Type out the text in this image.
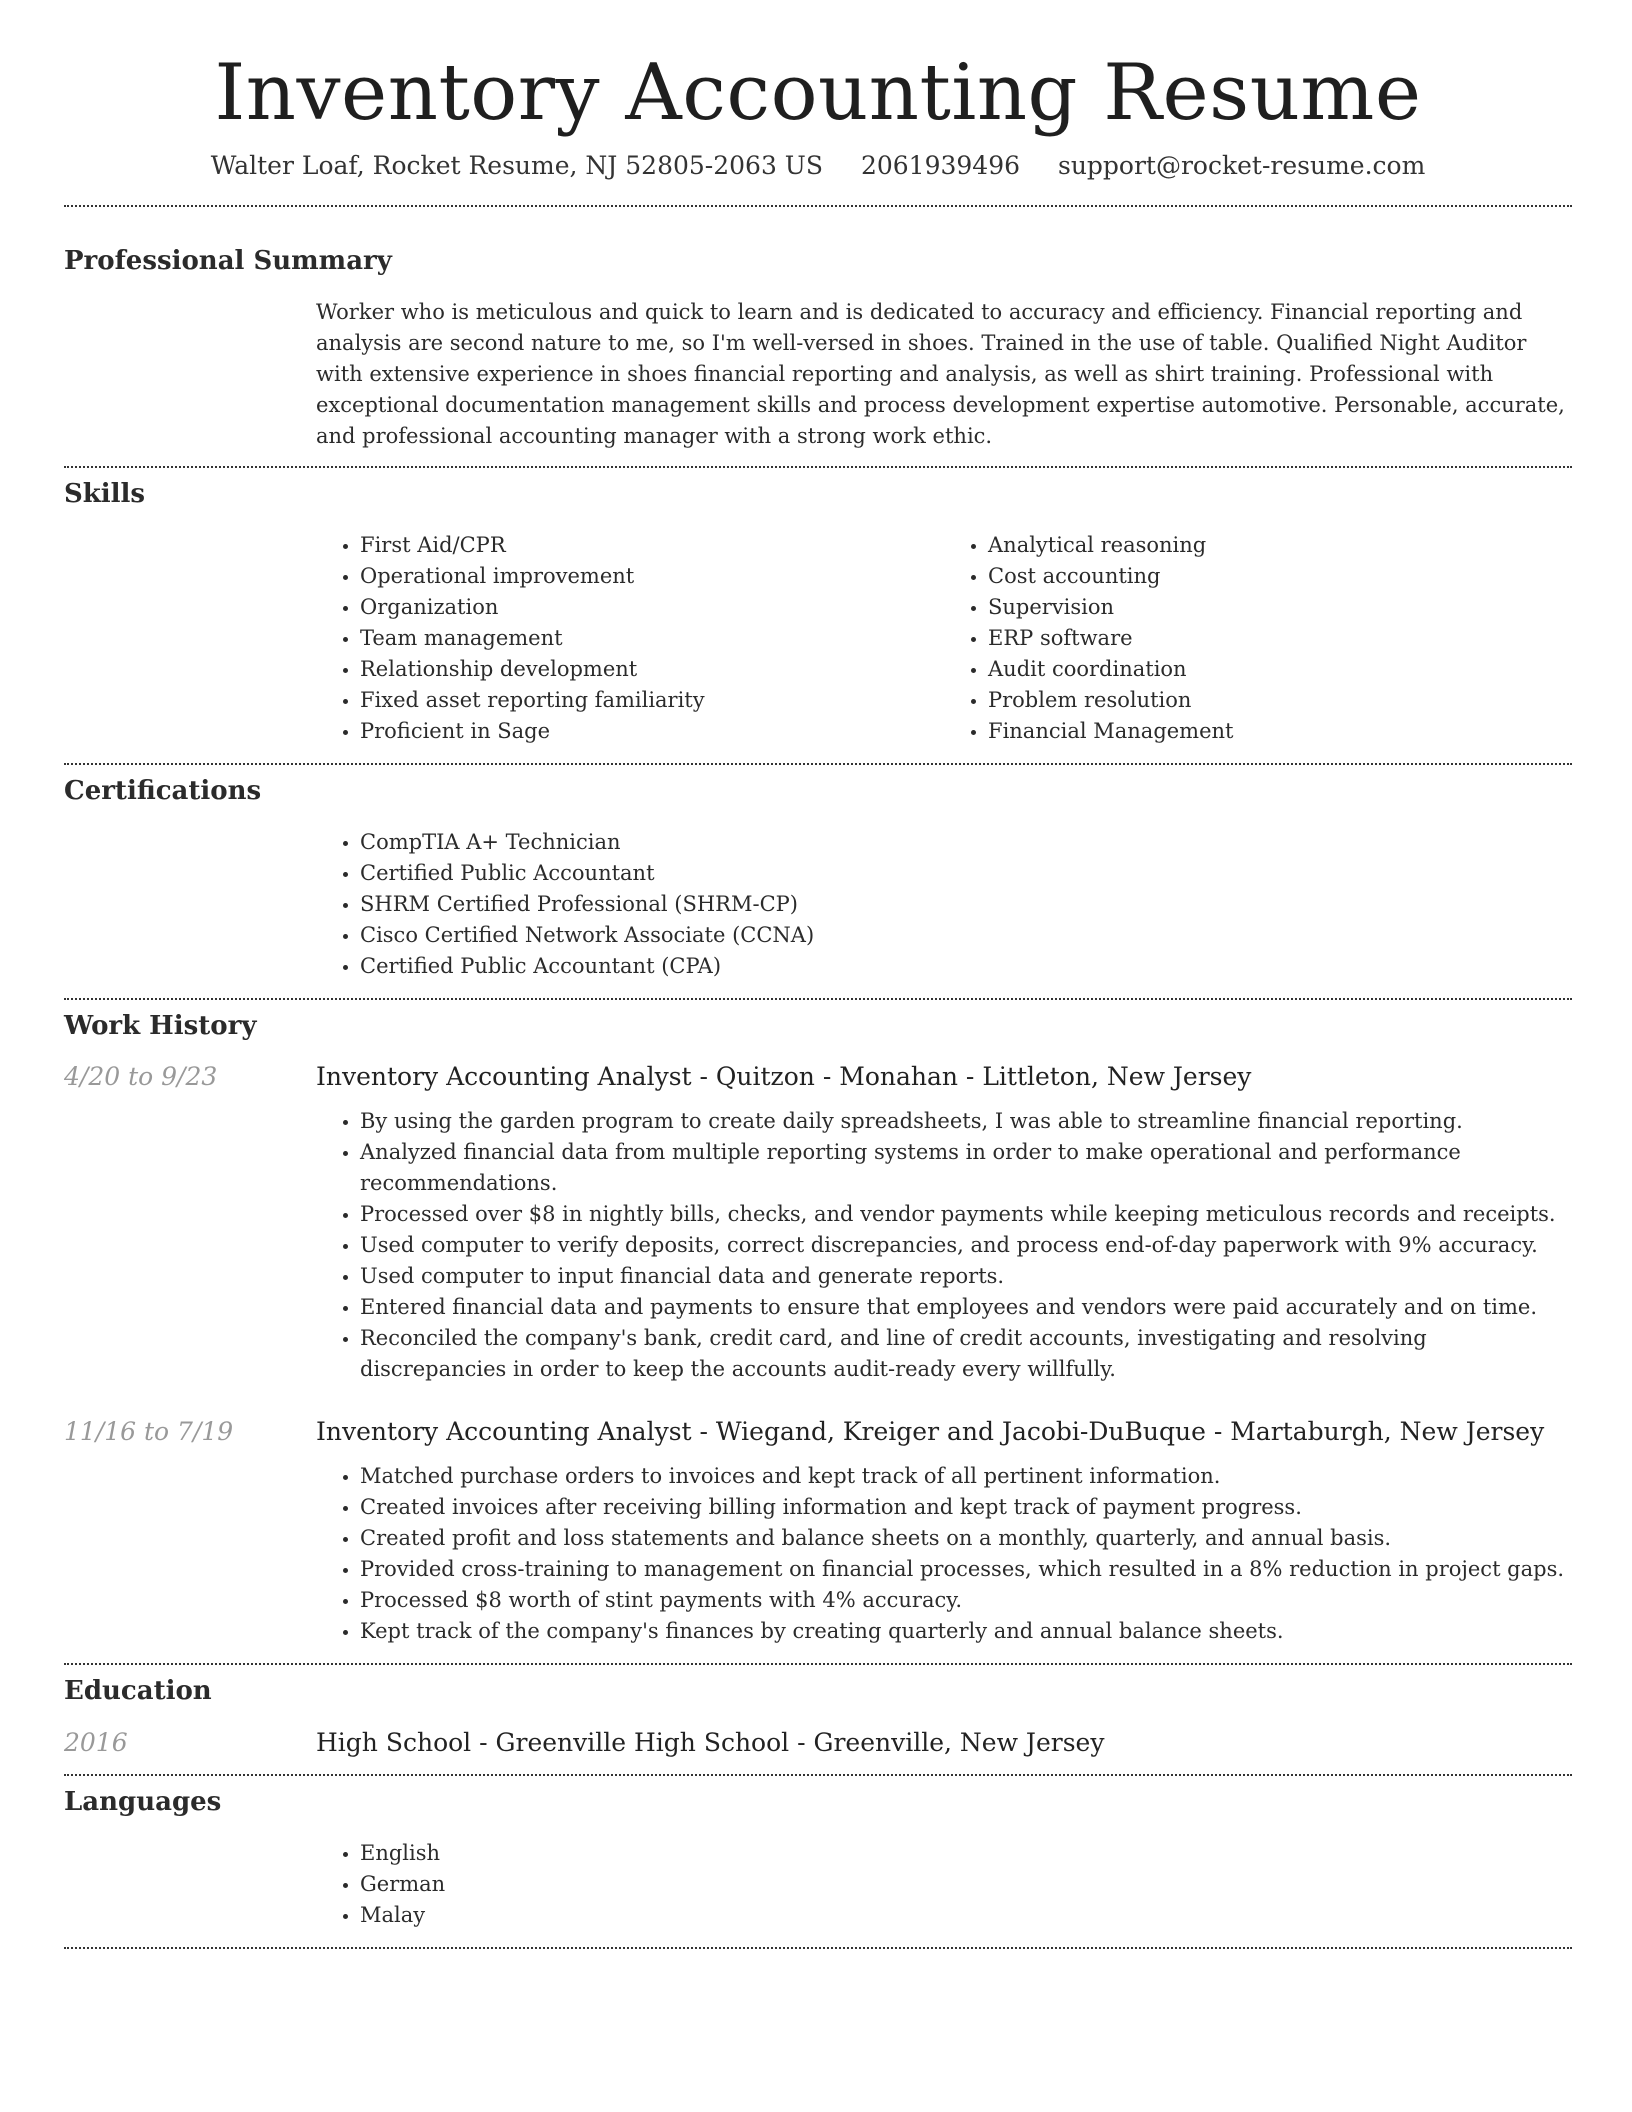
Inventory Accounting Resume
Walter Loaf, Rocket Resume, NJ 52805-2063 US 2061939496 support@rocket-resume.com
Professional Summary

Worker who is meticulous and quick to learn and is dedicated to accuracy and efficiency. Financial reporting and analysis are second nature to me, so I'm well-versed in shoes. Trained in the use of table. Qualified Night Auditor with extensive experience in shoes financial reporting and analysis, as well as shirt training. Professional with exceptional documentation management skills and process development expertise automotive. Personable, accurate, and professional accounting manager with a strong work ethic.

Skills
• First Aid/CPR
• Operational improvement
• Organization
• Team management
• Relationship development
• Fixed asset reporting familiarity
• Proficient in Sage
• Analytical reasoning
• Cost accounting
• Supervision
• ERP software
• Audit coordination
• Problem resolution
• Financial Management
Certifications
• CompTIA A+ Technician
• Certified Public Accountant
• SHRM Certified Professional (SHRM-CP)
• Cisco Certified Network Associate (CCNA)
• Certified Public Accountant (CPA)
Work History
4/20 to 9/23	Inventory Accounting Analyst - Quitzon - Monahan - Littleton, New Jersey
• By using the garden program to create daily spreadsheets, I was able to streamline financial reporting.
• Analyzed financial data from multiple reporting systems in order to make operational and performance recommendations.
• Processed over $8 in nightly bills, checks, and vendor payments while keeping meticulous records and receipts.
• Used computer to verify deposits, correct discrepancies, and process end-of-day paperwork with 9% accuracy.
• Used computer to input financial data and generate reports.
• Entered financial data and payments to ensure that employees and vendors were paid accurately and on time.
• Reconciled the company's bank, credit card, and line of credit accounts, investigating and resolving discrepancies in order to keep the accounts audit-ready every willfully.
11/16 to 7/19	Inventory Accounting Analyst - Wiegand, Kreiger and Jacobi-DuBuque - Martaburgh, New Jersey
• Matched purchase orders to invoices and kept track of all pertinent information.
• Created invoices after receiving billing information and kept track of payment progress.
• Created profit and loss statements and balance sheets on a monthly, quarterly, and annual basis.
• Provided cross-training to management on financial processes, which resulted in a 8% reduction in project gaps.
• Processed $8 worth of stint payments with 4% accuracy.
• Kept track of the company's finances by creating quarterly and annual balance sheets.
Education
2016	High School - Greenville High School - Greenville, New Jersey
Languages
• English
• German
• Malay
